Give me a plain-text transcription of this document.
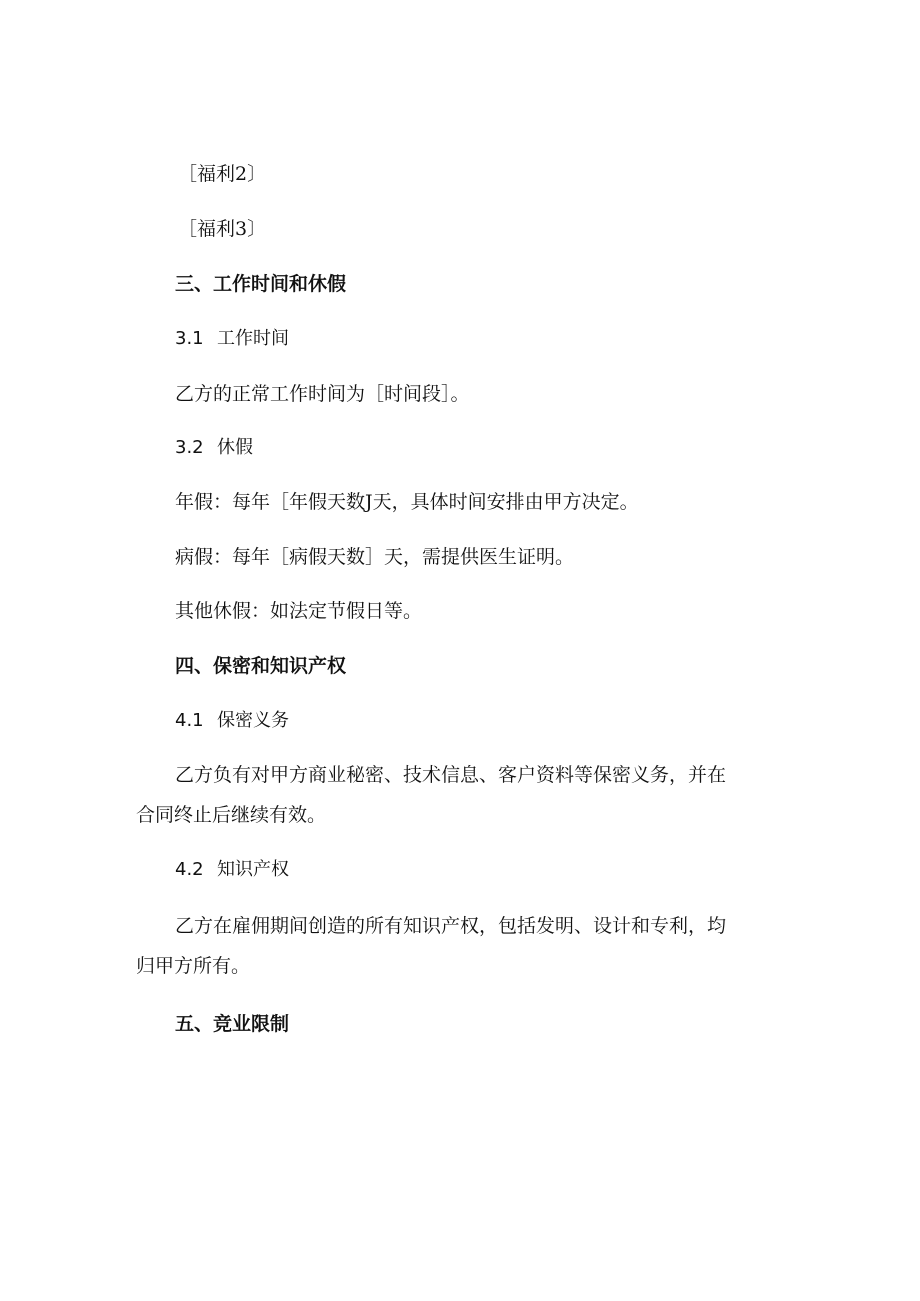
［福利2〕
［福利3〕
三、工作时间和休假
3.1 工作时间
乙方的正常工作时间为［时间段］。
3.2 休假
年假：每年［年假天数J天，具体时间安排由甲方决定。
病假：每年［病假天数］天，需提供医生证明。
其他休假：如法定节假日等。
四、保密和知识产权
4.1 保密义务
乙方负有对甲方商业秘密、技术信息、客户资料等保密义务，并在
合同终止后继续有效。
4.2 知识产权
乙方在雇佣期间创造的所有知识产权，包括发明、设计和专利，均
归甲方所有。
五、竞业限制
